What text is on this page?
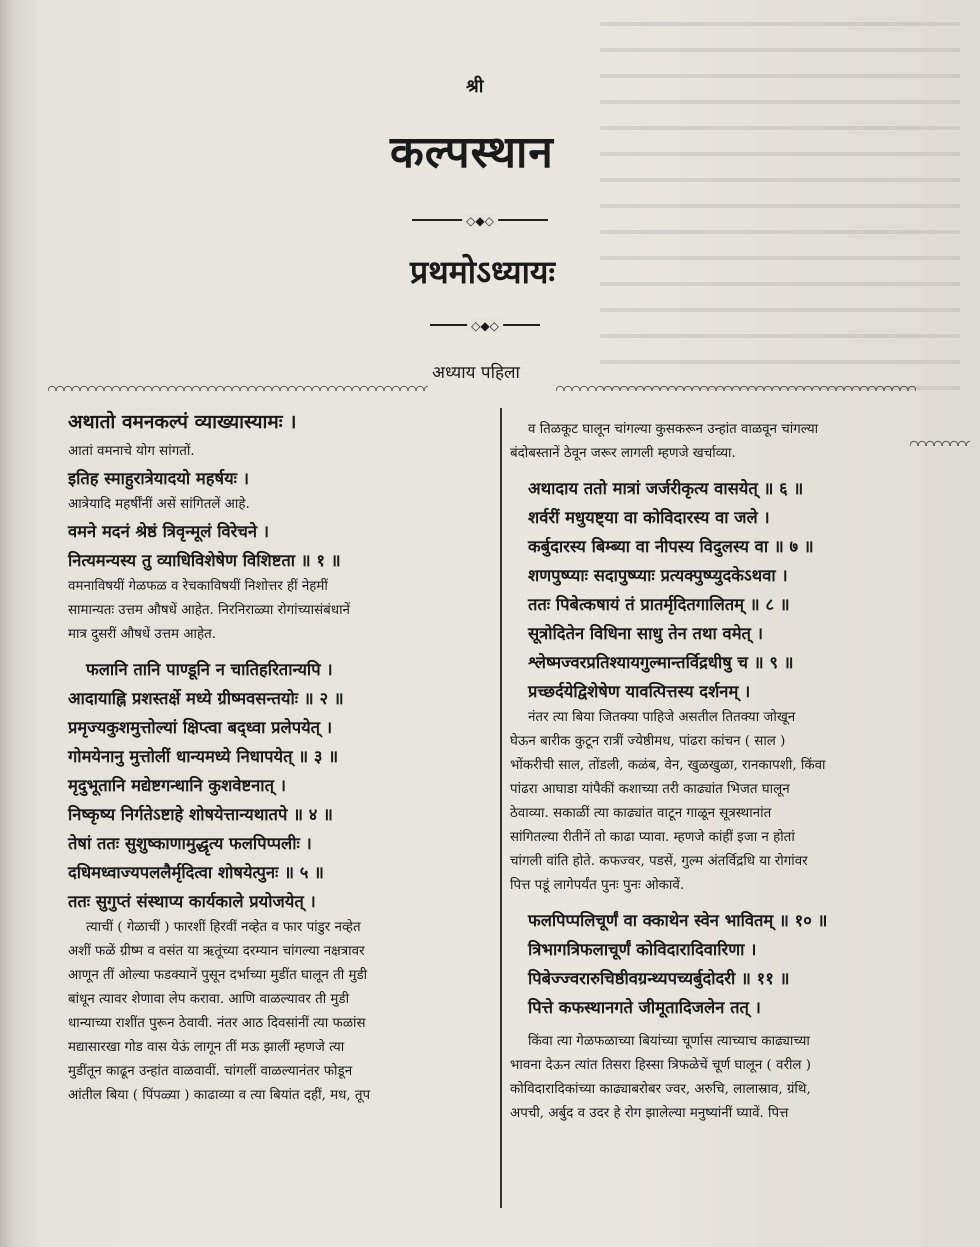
श्री
कल्पस्थान
◇◆◇
प्रथमोऽध्यायः
◇◆◇
अध्याय पहिला
अथातो वमनकल्पं व्याख्यास्यामः ।
आतां वमनाचे योग सांगतों.
इतिह स्माहुरात्रेयादयो महर्षयः ।
आत्रेयादि महर्षींनीं असें सांगितलें आहे.
वमने मदनं श्रेष्ठं त्रिवृन्मूलं विरेचने ।
नित्यमन्यस्य तु व्याधिविशेषेण विशिष्टता ॥ १ ॥
वमनाविषयीं गेळफळ व रेचकाविषयीं निशोत्तर हीं नेहमीं
सामान्यतः उत्तम औषधें आहेत. निरनिराळ्या रोगांच्यासंबंधानें
मात्र दुसरीं औषधें उत्तम आहेत.
फलानि तानि पाण्डूनि न चातिहरितान्यपि ।
आदायाह्नि प्रशस्तर्क्षे मध्ये ग्रीष्मवसन्तयोः ॥ २ ॥
प्रमृज्यकुशमुत्तोल्यां क्षिप्त्वा बद्ध्वा प्रलेपयेत् ।
गोमयेनानु मुत्तोलीं धान्यमध्ये निधापयेत् ॥ ३ ॥
मृदुभूतानि मद्येष्टगन्धानि कुशवेष्टनात् ।
निष्कृष्य निर्गतेऽष्टाहे शोषयेत्तान्यथातपे ॥ ४ ॥
तेषां ततः सुशुष्काणामुद्धृत्य फलपिप्पलीः ।
दधिमध्वाज्यपललैर्मृदित्वा शोषयेत्पुनः ॥ ५ ॥
ततः सुगुप्तं संस्थाप्य कार्यकाले प्रयोजयेत् ।
त्याचीं ( गेळाचीं ) फारशीं हिरवीं नव्हेत व फार पांडुर नव्हेत
अशीं फळें ग्रीष्म व वसंत या ऋतूंच्या दरम्यान चांगल्या नक्षत्रावर
आणून तीं ओल्या फडक्यानें पुसून दर्भाच्या मुडींत घालून ती मुडी
बांधून त्यावर शेणावा लेप करावा. आणि वाळल्यावर ती मुडी
धान्याच्या राशींत पुरून ठेवावी. नंतर आठ दिवसांनीं त्या फळांस
मद्यासारखा गोड वास येऊं लागून तीं मऊ झालीं म्हणजे त्या
मुडींतून काढून उन्हांत वाळवावीं. चांगलीं वाळल्यानंतर फोडून
आंतील बिया ( पिंपळ्या ) काढाव्या व त्या बियांत दहीं, मध, तूप
व तिळकूट घालून चांगल्या कुसकरून उन्हांत वाळवून चांगल्या
बंदोबस्तानें ठेवून जरूर लागली म्हणजे खर्चाव्या.
अथादाय ततो मात्रां जर्जरीकृत्य वासयेत् ॥ ६ ॥
शर्वरीं मधुयष्ट्या वा कोविदारस्य वा जले ।
कर्बुदारस्य बिम्ब्या वा नीपस्य विदुलस्य वा ॥ ७ ॥
शणपुष्प्याः सदापुष्प्याः प्रत्यक्पुष्प्युदकेऽथवा ।
ततः पिबेत्कषायं तं प्रातर्मृदितगालितम् ॥ ८ ॥
सूत्रोदितेन विधिना साधु तेन तथा वमेत् ।
श्लेष्मज्वरप्रतिश्यायगुल्मान्तर्विद्रधीषु च ॥ ९ ॥
प्रच्छर्दयेद्विशेषेण यावत्पित्तस्य दर्शनम् ।
नंतर त्या बिया जितक्या पाहिजे असतील तितक्या जोखून
घेऊन बारीक कुटून रात्रीं ज्येष्ठीमध, पांढरा कांचन ( साल )
भोंकरीची साल, तोंडली, कळंब, वेन, खुळखुळा, रानकापशी, किंवा
पांढरा आघाडा यांपैकीं कशाच्या तरी काढ्यांत भिजत घालून
ठेवाव्या. सकाळीं त्या काढ्यांत वाटून गाळून सूत्रस्थानांत
सांगितल्या रीतीनें तो काढा प्यावा. म्हणजे कांहीं इजा न होतां
चांगली वांति होते. कफज्वर, पडसें, गुल्म अंतर्विद्रधि या रोगांवर
पित्त पडूं लागेपर्यंत पुनः पुनः ओकावें.
फलपिप्पलिचूर्णं वा क्काथेन स्वेन भावितम् ॥ १० ॥
त्रिभागत्रिफलाचूर्णं कोविदारादिवारिणा ।
पिबेज्ज्वरारुचिष्ठीवग्रन्थ्यपच्यर्बुदोदरी ॥ ११ ॥
पित्ते कफस्थानगते जीमूतादिजलेन तत् ।
किंवा त्या गेळफळाच्या बियांच्या चूर्णास त्याच्याच काढ्याच्या
भावना देऊन त्यांत तिसरा हिस्सा त्रिफळेचें चूर्ण घालून ( वरील )
कोविदारादिकांच्या काढ्याबरोबर ज्वर, अरुचि, लालास्राव, ग्रंथि,
अपची, अर्बुद व उदर हे रोग झालेल्या मनुष्यांनीं घ्यावें. पित्त
